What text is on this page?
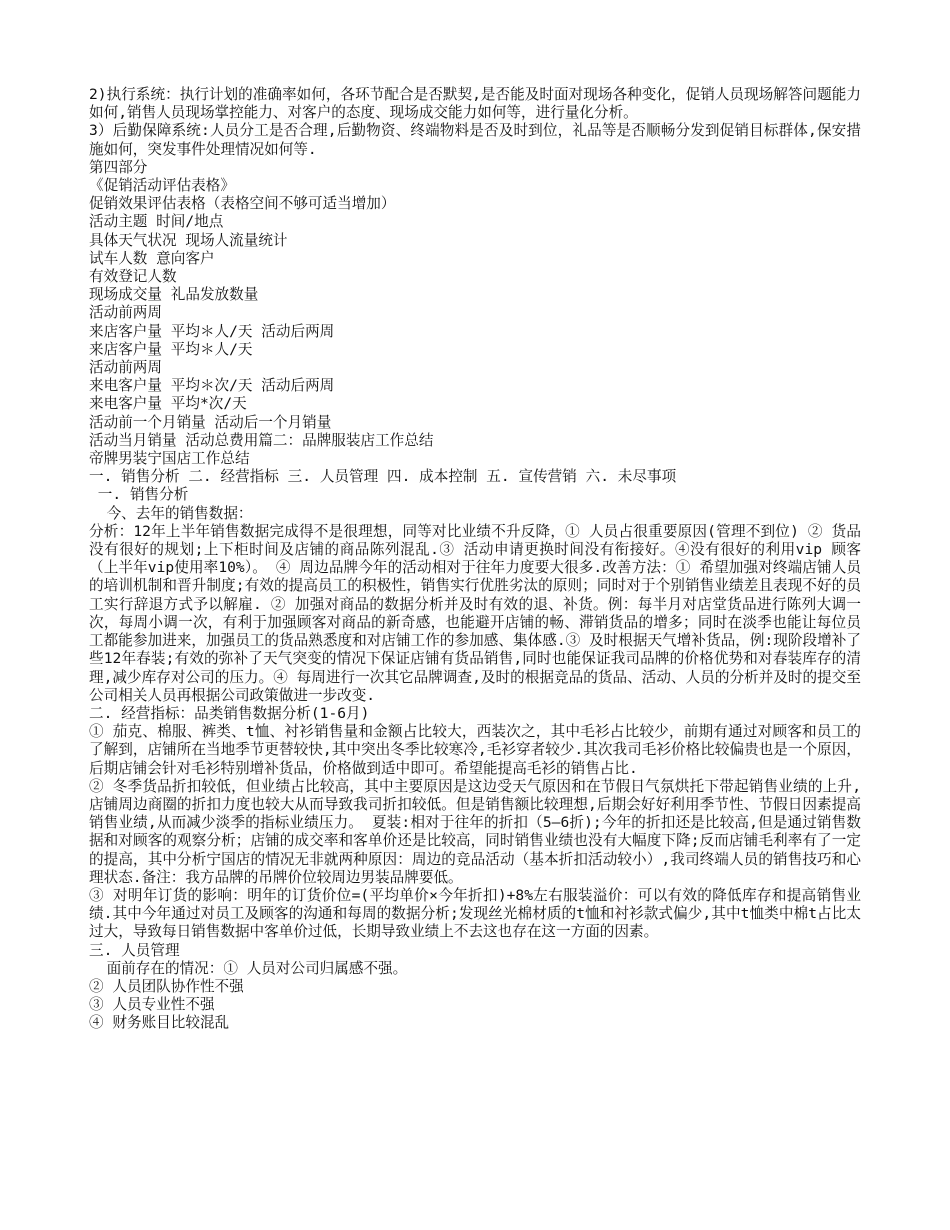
2)执行系统：执行计划的准确率如何，各环节配合是否默契,是否能及时面对现场各种变化，促销人员现场解答问题能力如何,销售人员现场掌控能力、对客户的态度、现场成交能力如何等，进行量化分析。

3）后勤保障系统:人员分工是否合理,后勤物资、终端物料是否及时到位，礼品等是否顺畅分发到促销目标群体,保安措施如何，突发事件处理情况如何等.

第四部分

《促销活动评估表格》

促销效果评估表格（表格空间不够可适当增加）

活动主题 时间/地点

具体天气状况 现场人流量统计

试车人数 意向客户

有效登记人数

现场成交量 礼品发放数量

活动前两周

来店客户量 平均＊人/天 活动后两周

来店客户量 平均＊人/天

活动前两周

来电客户量 平均＊次/天 活动后两周

来电客户量 平均*次/天

活动前一个月销量 活动后一个月销量

活动当月销量 活动总费用篇二：品牌服装店工作总结

帝牌男装宁国店工作总结

一. 销售分析 二. 经营指标 三. 人员管理 四. 成本控制 五. 宣传营销 六. 未尽事项

一. 销售分析

今、去年的销售数据：

分析：12年上半年销售数据完成得不是很理想，同等对比业绩不升反降，① 人员占很重要原因(管理不到位) ② 货品没有很好的规划;上下柜时间及店铺的商品陈列混乱.③ 活动申请更换时间没有衔接好。④没有很好的利用vip 顾客（上半年vip使用率10%）。 ④ 周边品牌今年的活动相对于往年力度要大很多.改善方法：① 希望加强对终端店铺人员的培训机制和晋升制度;有效的提高员工的积极性，销售实行优胜劣汰的原则；同时对于个别销售业绩差且表现不好的员工实行辞退方式予以解雇. ② 加强对商品的数据分析并及时有效的退、补货。例：每半月对店堂货品进行陈列大调一次，每周小调一次，有利于加强顾客对商品的新奇感，也能避开店铺的畅、滞销货品的增多；同时在淡季也能让每位员工都能参加进来，加强员工的货品熟悉度和对店铺工作的参加感、集体感.③ 及时根据天气增补货品，例:现阶段增补了些12年春装;有效的弥补了天气突变的情况下保证店铺有货品销售,同时也能保证我司品牌的价格优势和对春装库存的清理,减少库存对公司的压力。④ 每周进行一次其它品牌调查,及时的根据竞品的货品、活动、人员的分析并及时的提交至公司相关人员再根据公司政策做进一步改变.

二. 经营指标：品类销售数据分析(1-6月)

① 茄克、棉服、裤类、t恤、衬衫销售量和金额占比较大，西装次之，其中毛衫占比较少，前期有通过对顾客和员工的了解到，店铺所在当地季节更替较快,其中突出冬季比较寒冷,毛衫穿者较少.其次我司毛衫价格比较偏贵也是一个原因，后期店铺会针对毛衫特别增补货品，价格做到适中即可。希望能提高毛衫的销售占比.

② 冬季货品折扣较低，但业绩占比较高，其中主要原因是这边受天气原因和在节假日气氛烘托下带起销售业绩的上升,店铺周边商圈的折扣力度也较大从而导致我司折扣较低。但是销售额比较理想,后期会好好利用季节性、节假日因素提高销售业绩,从而减少淡季的指标业绩压力。 夏装:相对于往年的折扣（5—6折);今年的折扣还是比较高,但是通过销售数据和对顾客的观察分析；店铺的成交率和客单价还是比较高，同时销售业绩也没有大幅度下降;反而店铺毛利率有了一定的提高，其中分析宁国店的情况无非就两种原因：周边的竞品活动（基本折扣活动较小）,我司终端人员的销售技巧和心理状态.备注：我方品牌的吊牌价位较周边男装品牌要低。

③ 对明年订货的影响：明年的订货价位=(平均单价×今年折扣)+8%左右服装溢价：可以有效的降低库存和提高销售业绩.其中今年通过对员工及顾客的沟通和每周的数据分析;发现丝光棉材质的t恤和衬衫款式偏少,其中t恤类中棉t占比太过大，导致每日销售数据中客单价过低，长期导致业绩上不去这也存在这一方面的因素。

三. 人员管理

面前存在的情况：① 人员对公司归属感不强。

② 人员团队协作性不强

③ 人员专业性不强

④ 财务账目比较混乱
